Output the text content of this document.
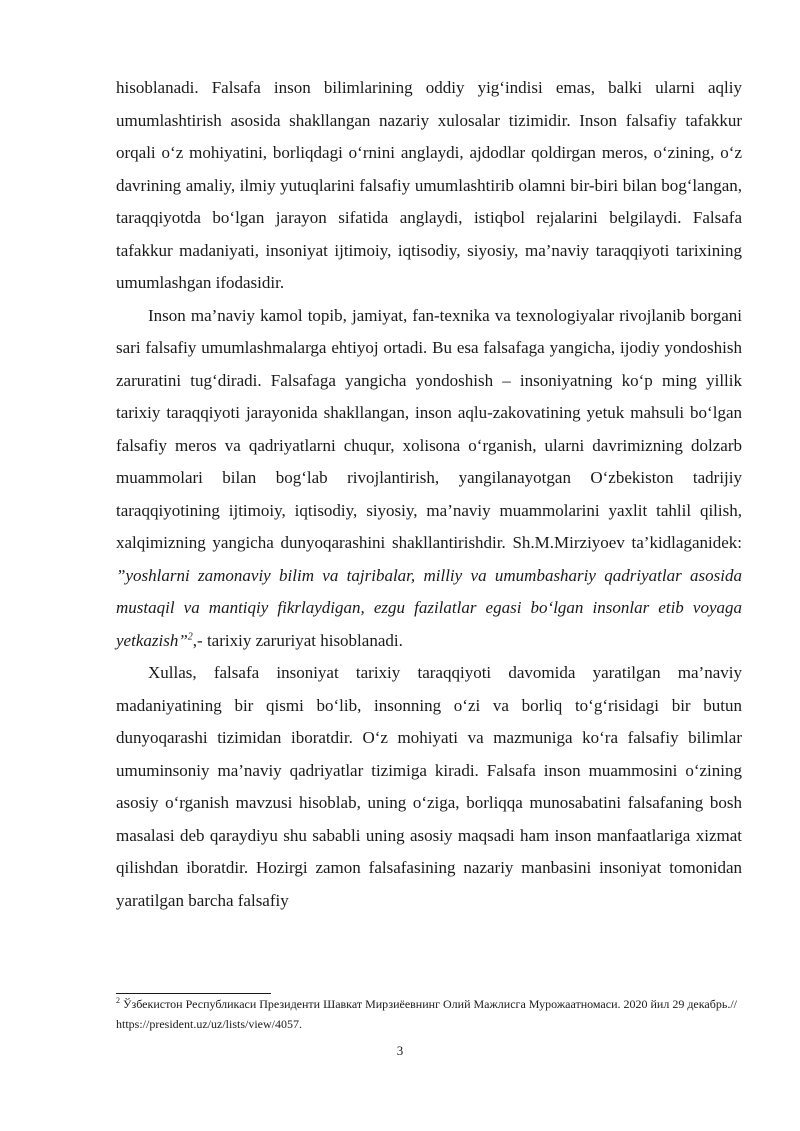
hisoblanadi. Falsafa inson bilimlarining oddiy yig‘indisi emas, balki ularni aqliy umumlashtirish asosida shakllangan nazariy xulosalar tizimidir. Inson falsafiy tafakkur orqali o‘z mohiyatini, borliqdagi o‘rnini anglaydi, ajdodlar qoldirgan meros, o‘zining, o‘z davrining amaliy, ilmiy yutuqlarini falsafiy umumlashtirib olamni bir-biri bilan bog‘langan, taraqqiyotda bo‘lgan jarayon sifatida anglaydi, istiqbol rejalarini belgilaydi. Falsafa tafakkur madaniyati, insoniyat ijtimoiy, iqtisodiy, siyosiy, ma’naviy taraqqiyoti tarixining umumlashgan ifodasidir.

Inson ma’naviy kamol topib, jamiyat, fan-texnika va texnologiyalar rivojlanib borgani sari falsafiy umumlashmalarga ehtiyoj ortadi. Bu esa falsafaga yangicha, ijodiy yondoshish zaruratini tug‘diradi. Falsafaga yangicha yondoshish – insoniyatning ko‘p ming yillik tarixiy taraqqiyoti jarayonida shakllangan, inson aqlu-zakovatining yetuk mahsuli bo‘lgan falsafiy meros va qadriyatlarni chuqur, xolisona o‘rganish, ularni davrimizning dolzarb muammolari bilan bog‘lab rivojlantirish, yangilanayotgan O‘zbekiston tadrijiy taraqqiyotining ijtimoiy, iqtisodiy, siyosiy, ma’naviy muammolarini yaxlit tahlil qilish, xalqimizning yangicha dunyoqarashini shakllantirishdir. Sh.M.Mirziyoev ta’kidlaganidek: ”yoshlarni zamonaviy bilim va tajribalar, milliy va umumbashariy qadriyatlar asosida mustaqil va mantiqiy fikrlaydigan, ezgu fazilatlar egasi bo‘lgan insonlar etib voyaga yetkazish”$^2$,- tarixiy zaruriyat hisoblanadi.

Xullas, falsafa insoniyat tarixiy taraqqiyoti davomida yaratilgan ma’naviy madaniyatining bir qismi bo‘lib, insonning o‘zi va borliq to‘g‘risidagi bir butun dunyoqarashi tizimidan iboratdir. O‘z mohiyati va mazmuniga ko‘ra falsafiy bilimlar umuminsoniy ma’naviy qadriyatlar tizimiga kiradi. Falsafa inson muammosini o‘zining asosiy o‘rganish mavzusi hisoblab, uning o‘ziga, borliqqa munosabatini falsafaning bosh masalasi deb qaraydiyu shu sababli uning asosiy maqsadi ham inson manfaatlariga xizmat qilishdan iboratdir. Hozirgi zamon falsafasining nazariy manbasini insoniyat tomonidan yaratilgan barcha falsafiy

$^2$ Ўзбекистон Республикаси Президенти Шавкат Мирзиёевнинг Олий Мажлисга Мурожаатномаси. 2020 йил 29 декабрь.// https://president.uz/uz/lists/view/4057.

3
